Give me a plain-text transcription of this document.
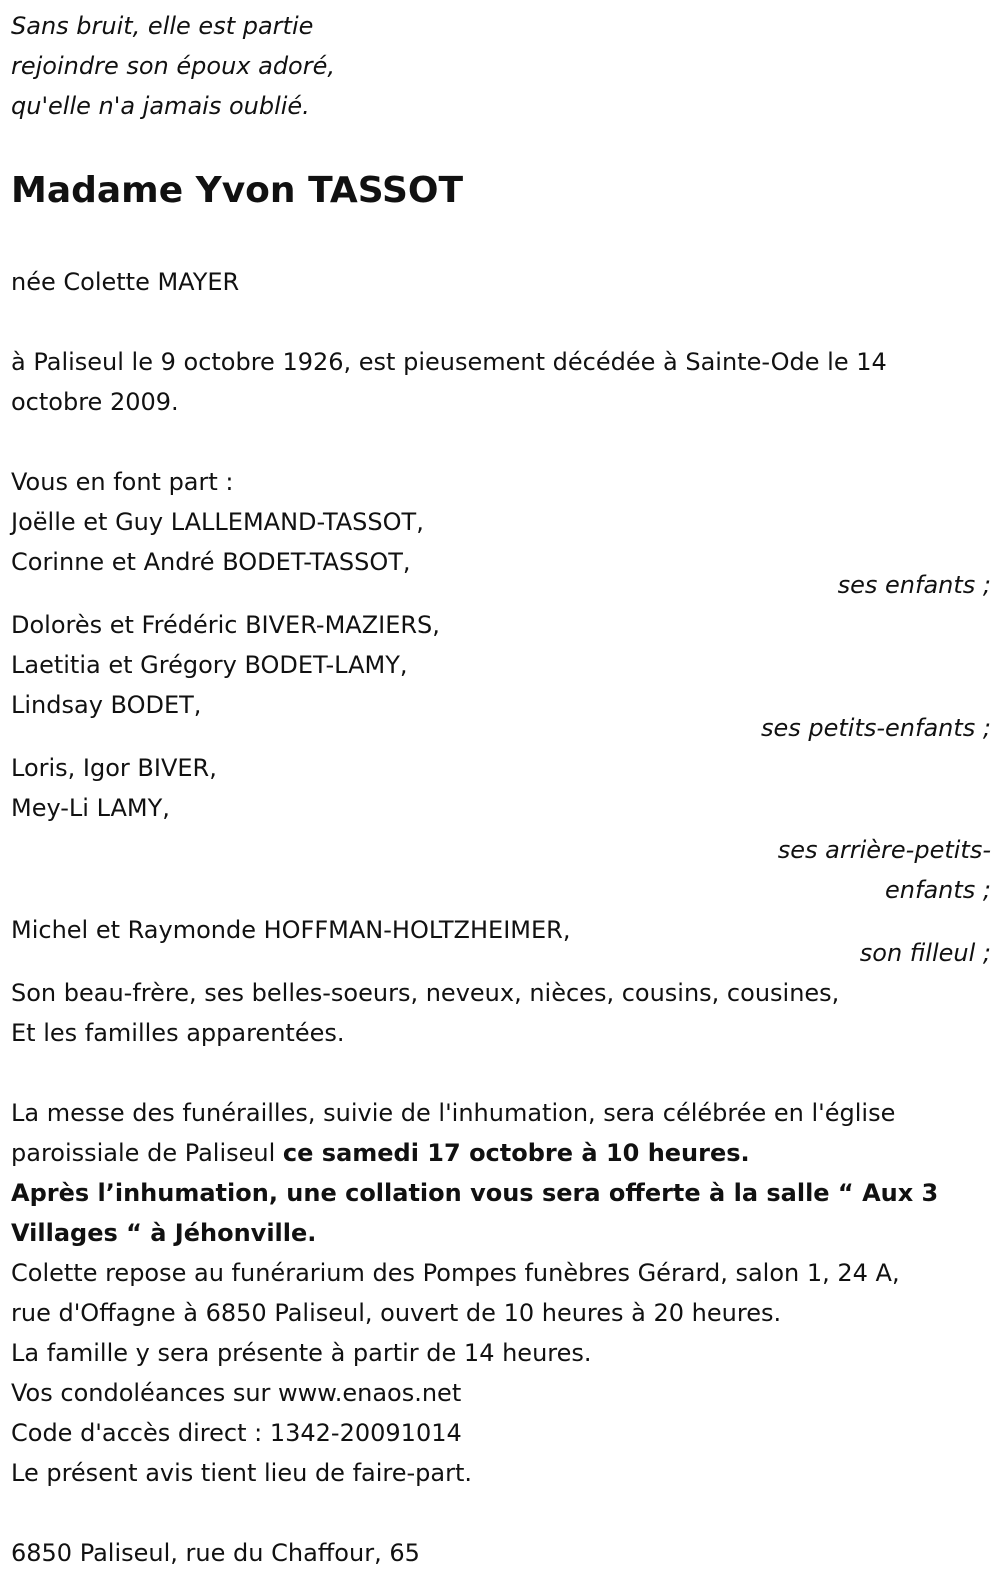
Sans bruit, elle est partie
rejoindre son époux adoré,
qu'elle n'a jamais oublié.
Madame Yvon TASSOT
née Colette MAYER
à Paliseul le 9 octobre 1926, est pieusement décédée à Sainte-Ode le 14
octobre 2009.
Vous en font part :
Joëlle et Guy LALLEMAND-TASSOT,
Corinne et André BODET-TASSOT,
ses enfants ;
Dolorès et Frédéric BIVER-MAZIERS,
Laetitia et Grégory BODET-LAMY,
Lindsay BODET,
ses petits-enfants ;
Loris, Igor BIVER,
Mey-Li LAMY,
ses arrière-petits-
enfants ;
Michel et Raymonde HOFFMAN-HOLTZHEIMER,
son filleul ;
Son beau-frère, ses belles-soeurs, neveux, nièces, cousins, cousines,
Et les familles apparentées.
La messe des funérailles, suivie de l'inhumation, sera célébrée en l'église
paroissiale de Paliseul ce samedi 17 octobre à 10 heures.
Après l’inhumation, une collation vous sera offerte à la salle “ Aux 3
Villages “ à Jéhonville.
Colette repose au funérarium des Pompes funèbres Gérard, salon 1, 24 A,
rue d'Offagne à 6850 Paliseul, ouvert de 10 heures à 20 heures.
La famille y sera présente à partir de 14 heures.
Vos condoléances sur www.enaos.net
Code d'accès direct : 1342-20091014
Le présent avis tient lieu de faire-part.
6850 Paliseul, rue du Chaffour, 65
